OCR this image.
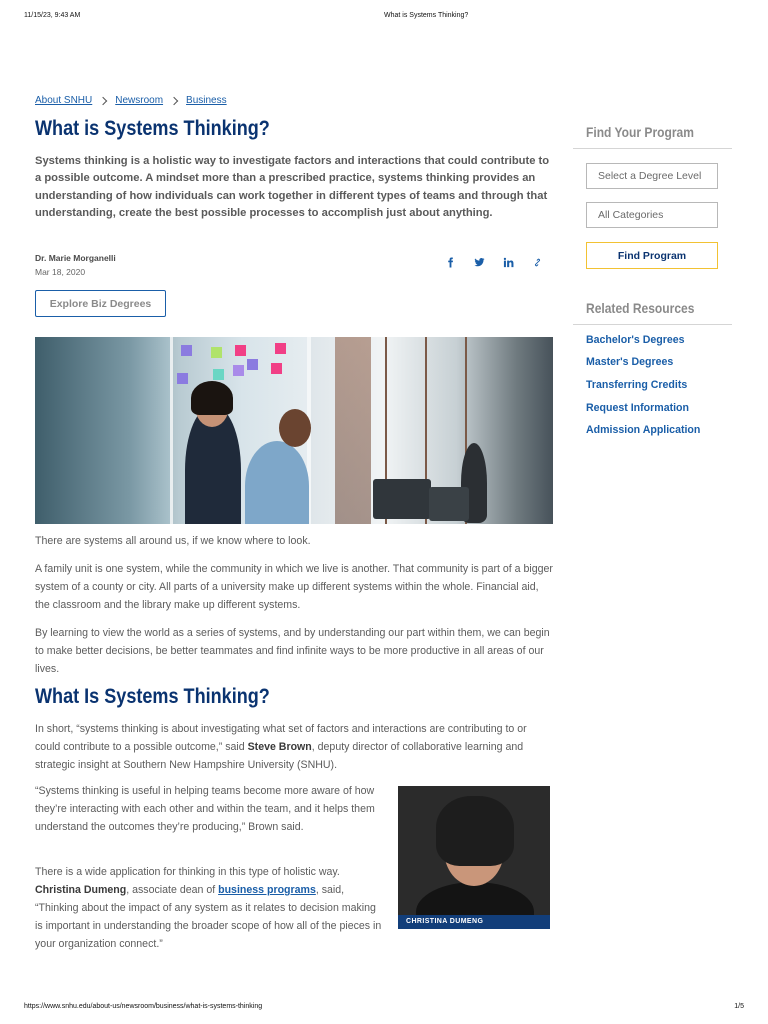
11/15/23, 9:43 AM	What is Systems Thinking?
About SNHU Newsroom Business
What is Systems Thinking?

Systems thinking is a holistic way to investigate factors and interactions that could contribute to a possible outcome. A mindset more than a prescribed practice, systems thinking provides an understanding of how individuals can work together in different types of teams and through that understanding, create the best possible processes to accomplish just about anything.

Dr. Marie Morganelli
Mar 18, 2020
Explore Biz Degrees

There are systems all around us, if we know where to look.

A family unit is one system, while the community in which we live is another. That community is part of a bigger system of a county or city. All parts of a university make up different systems within the whole. Financial aid, the classroom and the library make up different systems.

By learning to view the world as a series of systems, and by understanding our part within them, we can begin to make better decisions, be better teammates and find infinite ways to be more productive in all areas of our lives.

What Is Systems Thinking?

In short, “systems thinking is about investigating what set of factors and interactions are contributing to or could contribute to a possible outcome,” said Steve Brown, deputy director of collaborative learning and strategic insight at Southern New Hampshire University (SNHU).

“Systems thinking is useful in helping teams become more aware of how they’re interacting with each other and within the team, and it helps them understand the outcomes they’re producing,” Brown said.

There is a wide application for thinking in this type of holistic way. Christina Dumeng, associate dean of business programs, said, “Thinking about the impact of any system as it relates to decision making is important in understanding the broader scope of how all of the pieces in your organization connect.”

CHRISTINA DUMENG
Find Your Program
Select a Degree Level
All Categories
Find Program
Related Resources
Bachelor's Degrees
Master's Degrees
Transferring Credits
Request Information
Admission Application
https://www.snhu.edu/about-us/newsroom/business/what-is-systems-thinking	1/5
